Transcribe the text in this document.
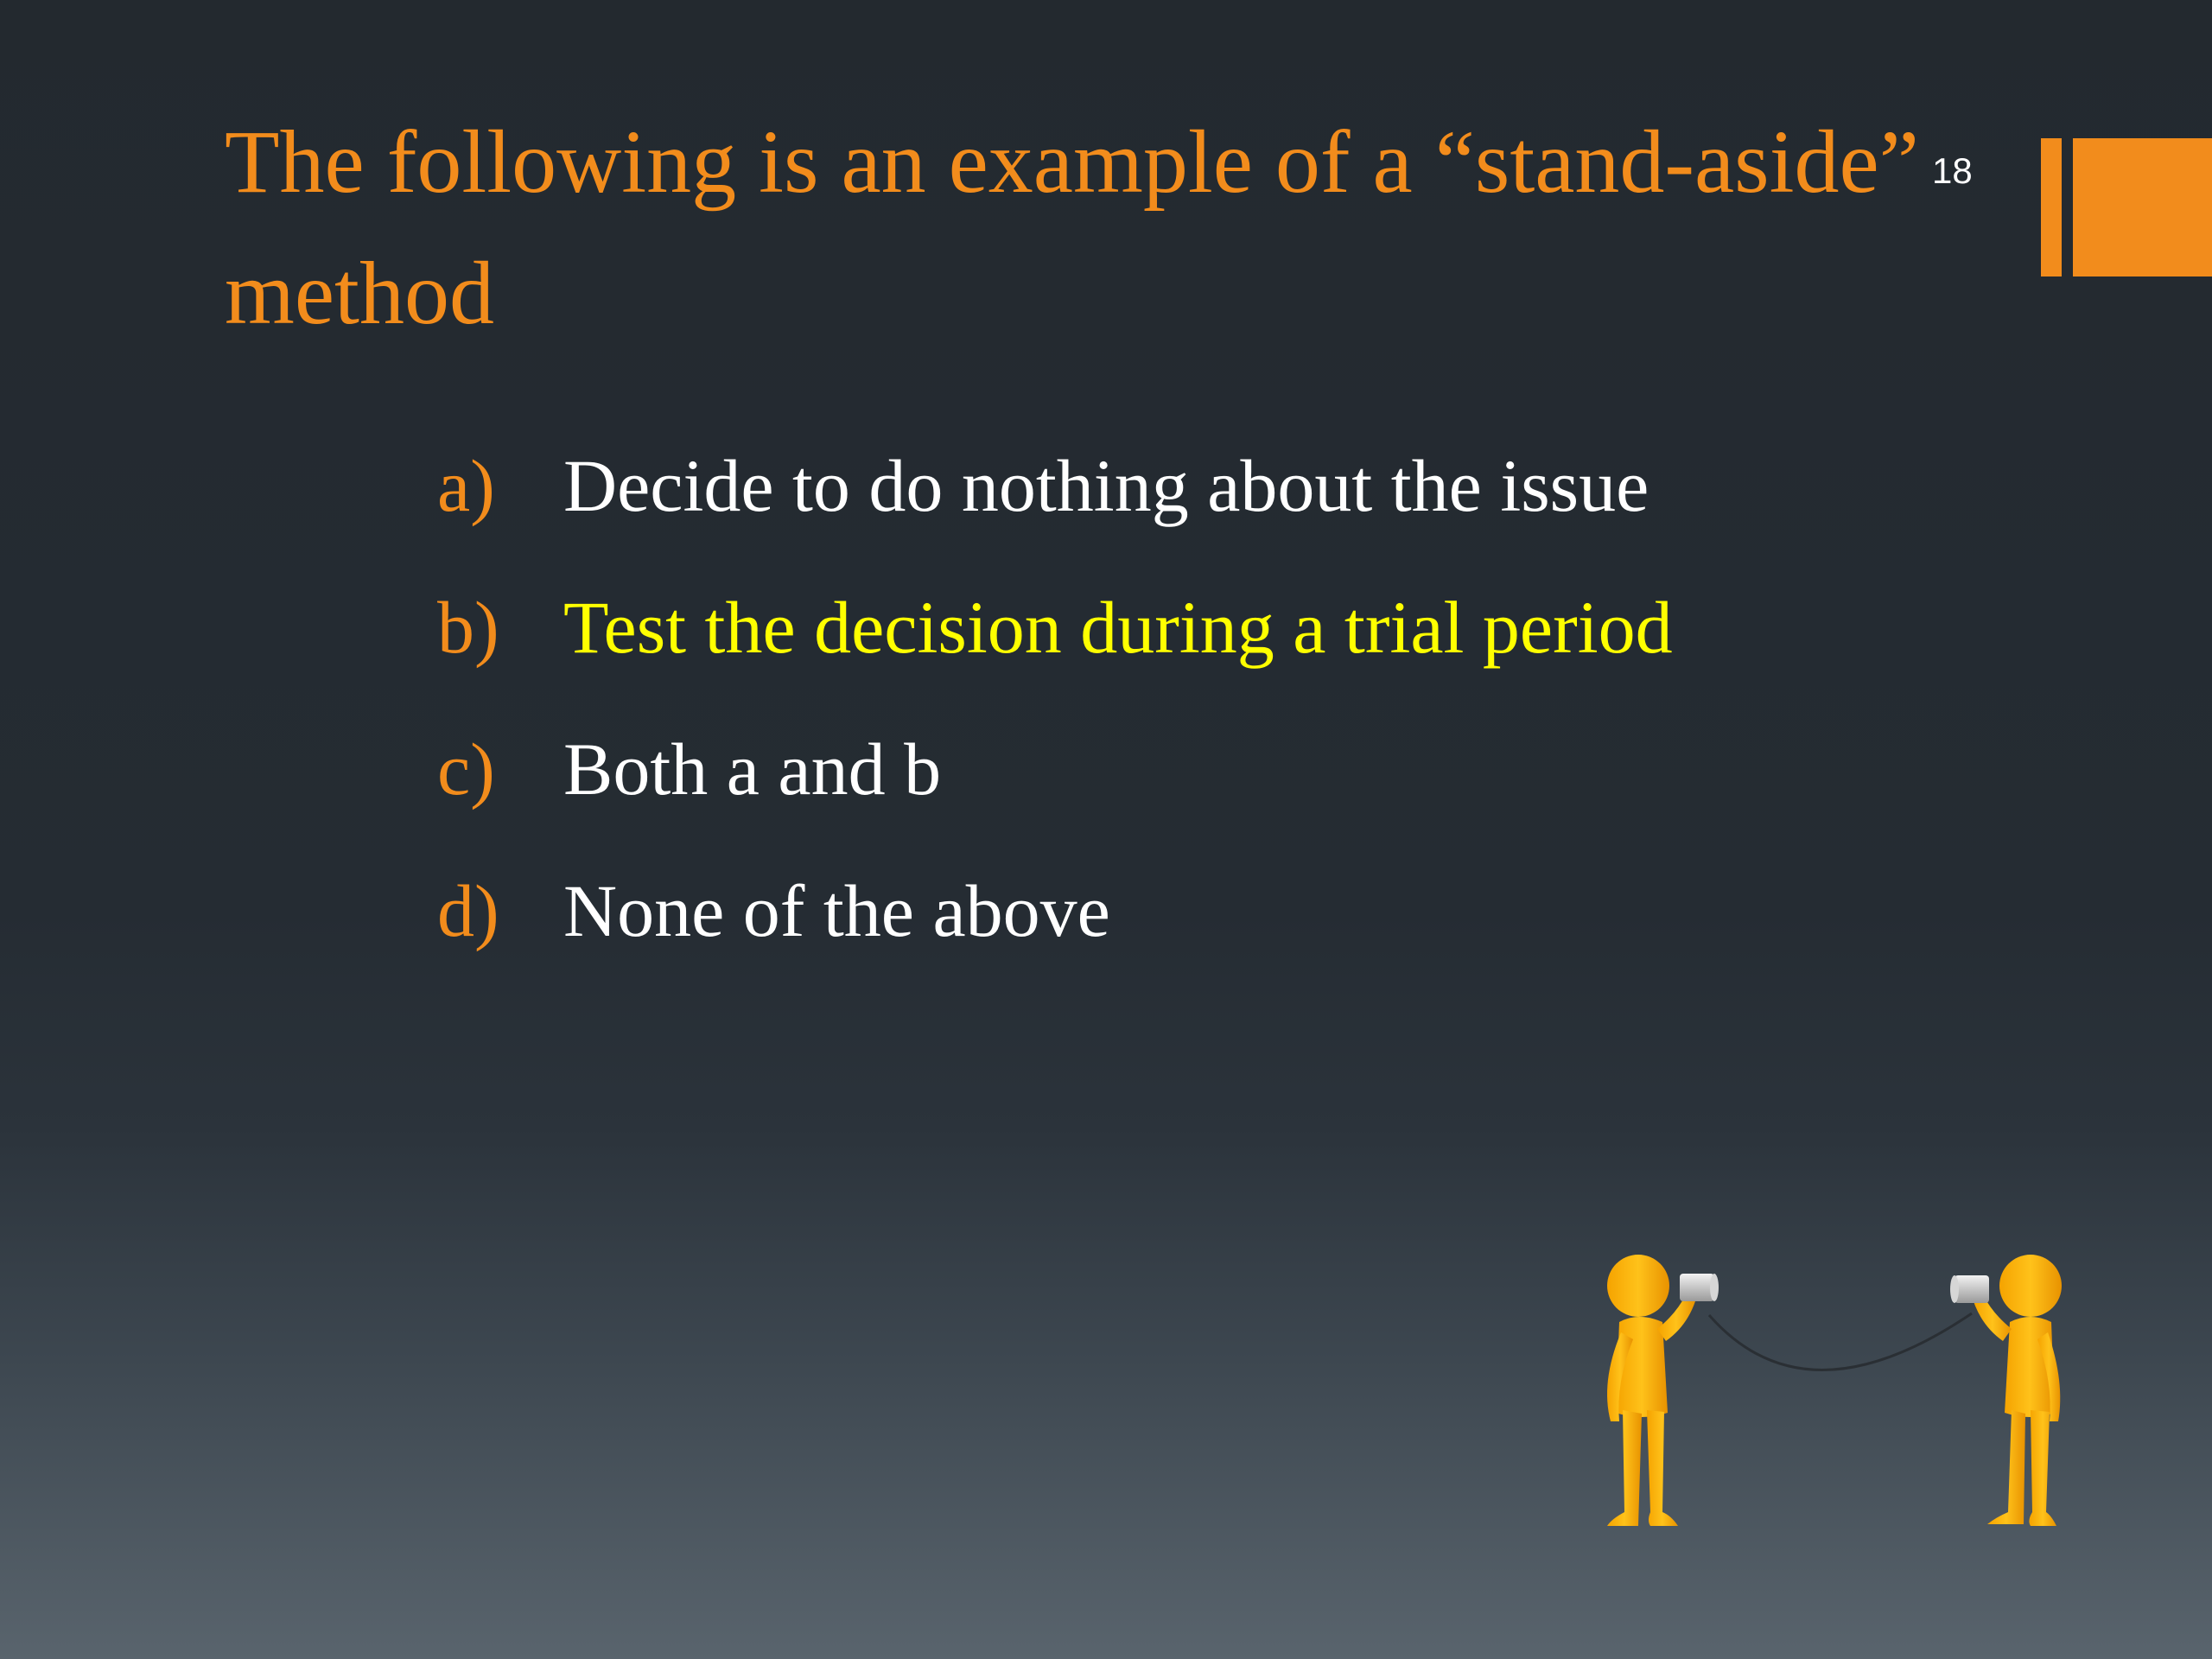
The following is an example of a “stand-aside” method
18
a) Decide to do nothing about the issue
b) Test the decision during a trial period
c) Both a and b
d) None of the above
